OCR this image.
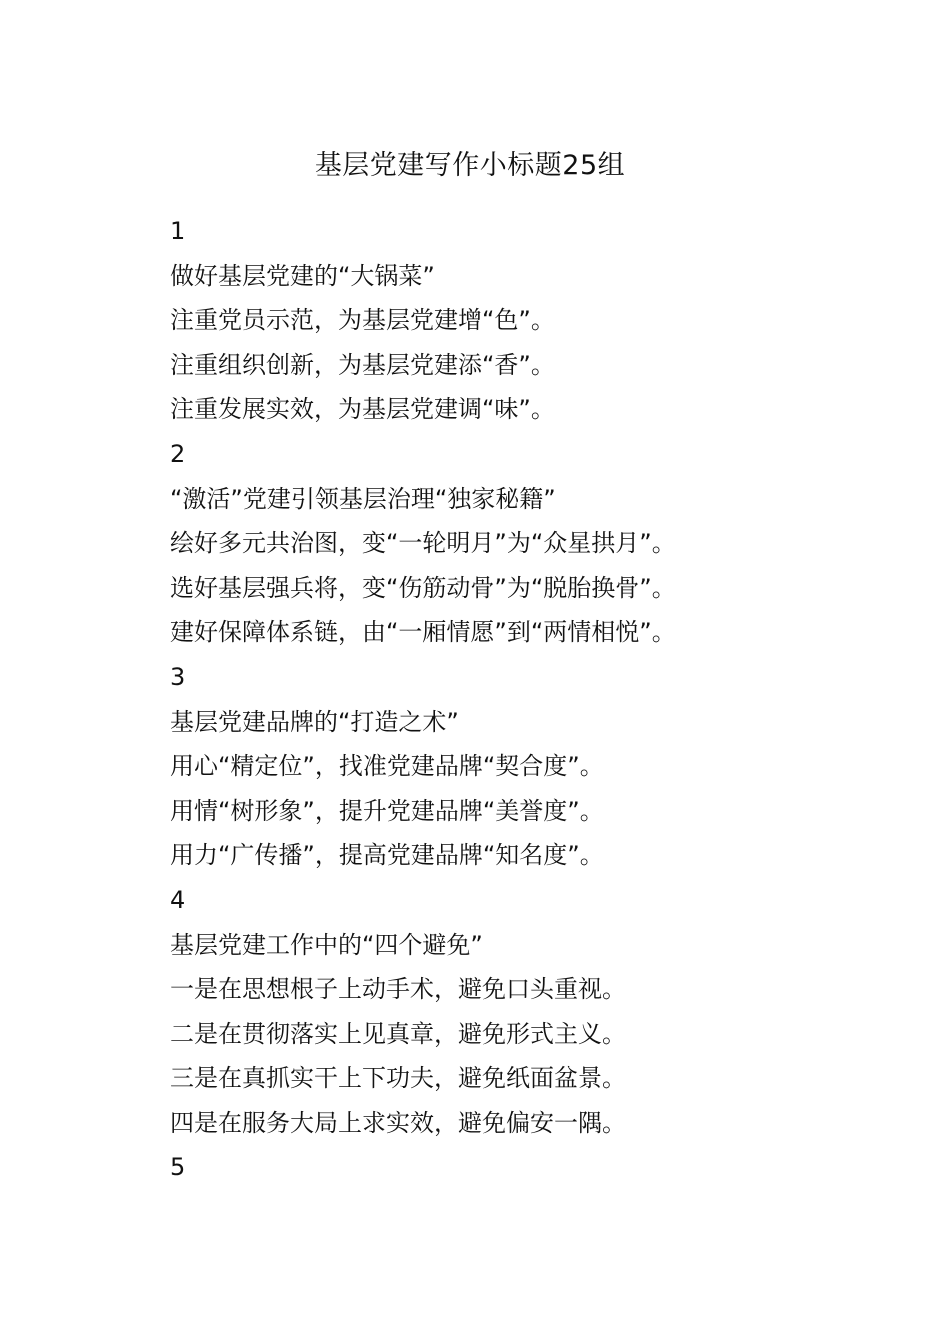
基层党建写作小标题25组
1
做好基层党建的“大锅菜”
注重党员示范，为基层党建增“色”。
注重组织创新，为基层党建添“香”。
注重发展实效，为基层党建调“味”。
2
“激活”党建引领基层治理“独家秘籍”
绘好多元共治图，变“一轮明月”为“众星拱月”。
选好基层强兵将，变“伤筋动骨”为“脱胎换骨”。
建好保障体系链，由“一厢情愿”到“两情相悦”。
3
基层党建品牌的“打造之术”
用心“精定位”，找准党建品牌“契合度”。
用情“树形象”，提升党建品牌“美誉度”。
用力“广传播”，提高党建品牌“知名度”。
4
基层党建工作中的“四个避免”
一是在思想根子上动手术，避免口头重视。
二是在贯彻落实上见真章，避免形式主义。
三是在真抓实干上下功夫，避免纸面盆景。
四是在服务大局上求实效，避免偏安一隅。
5
